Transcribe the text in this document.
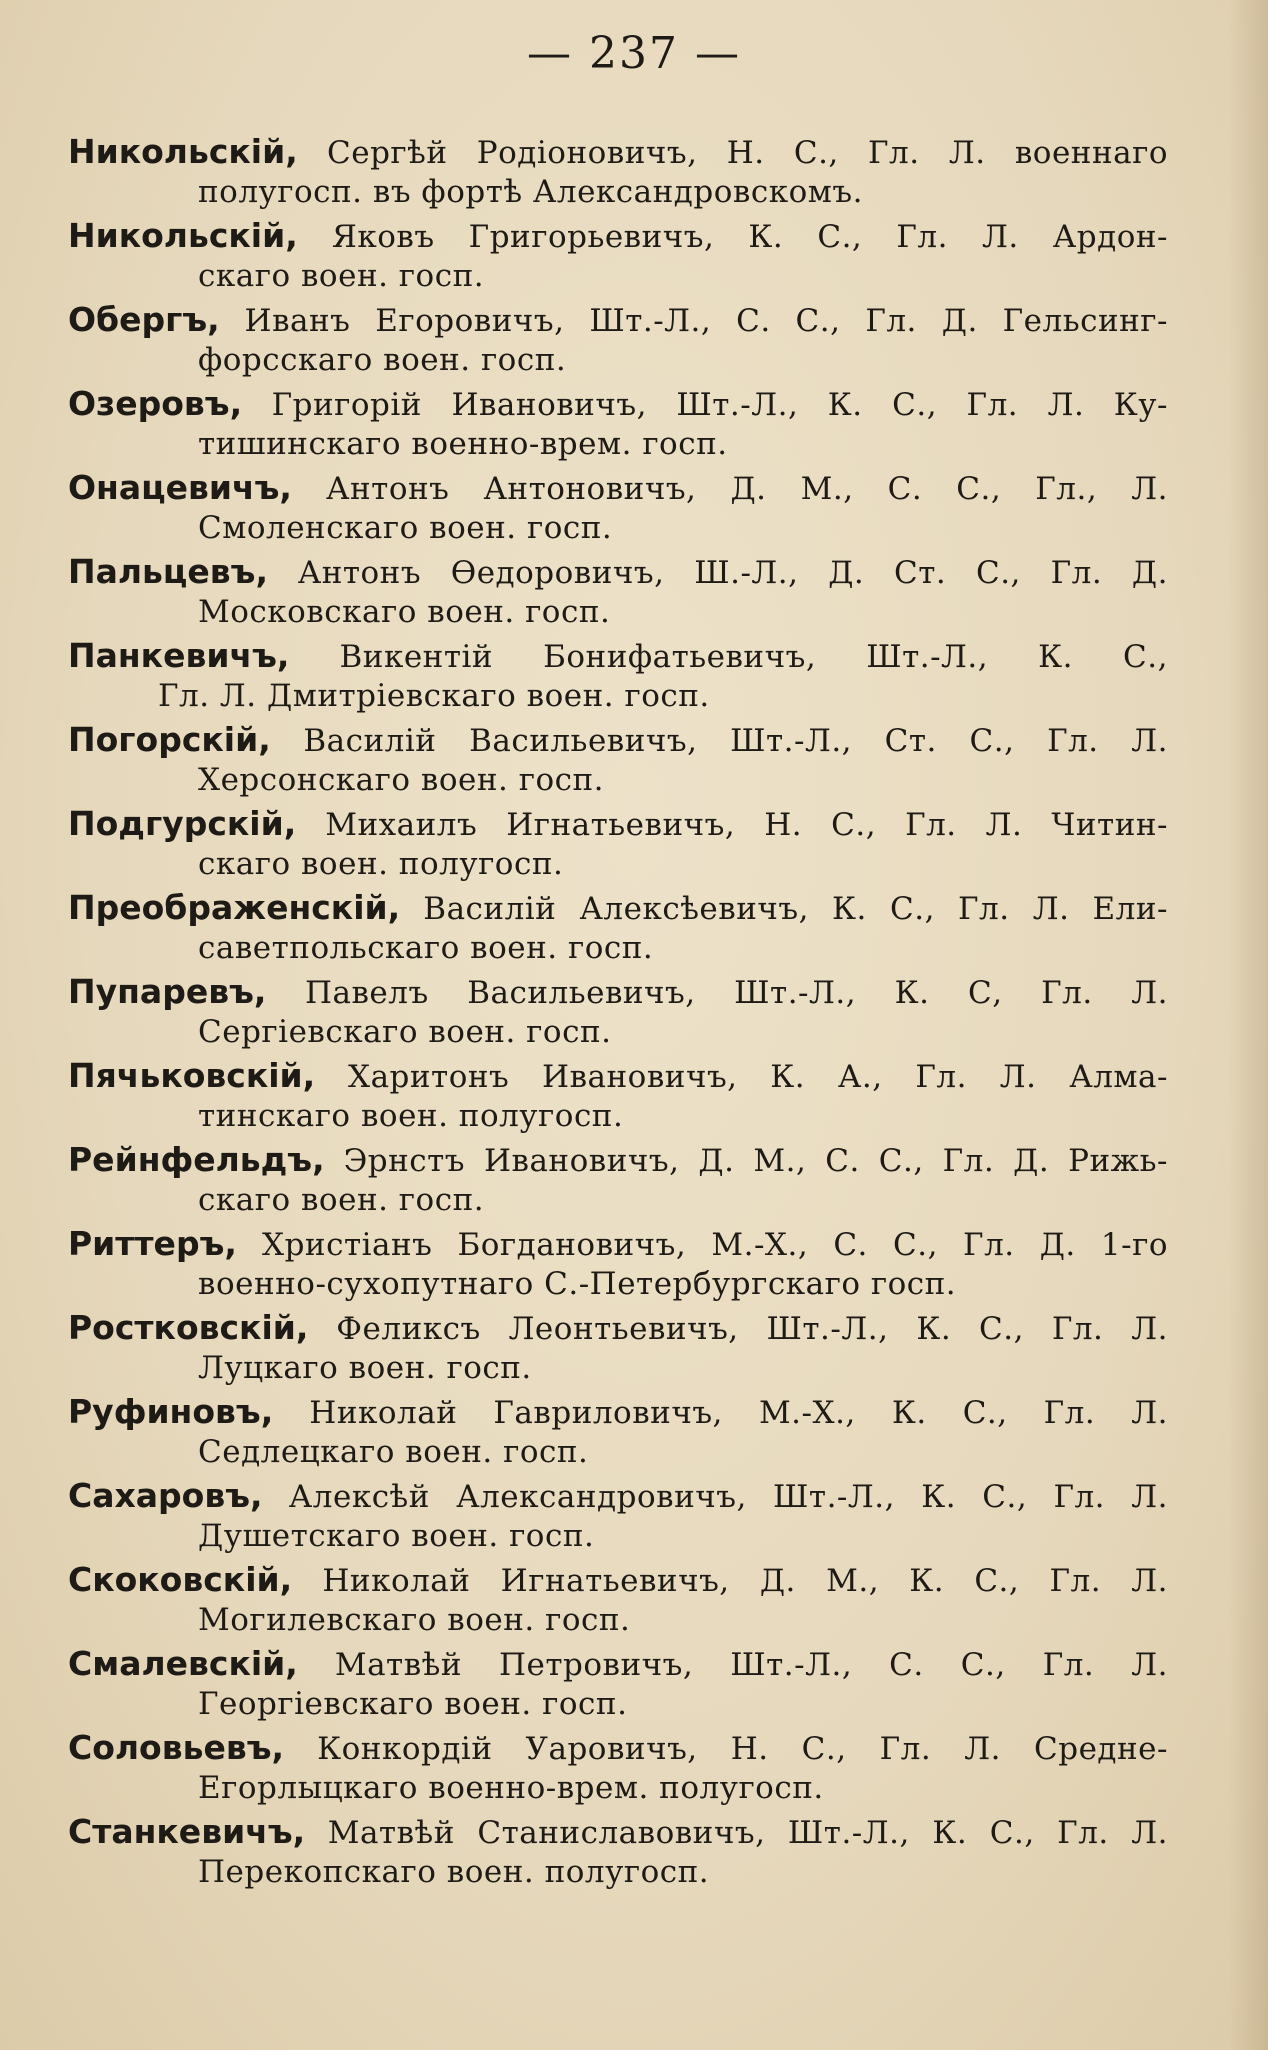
— 237 —
Никольскій, Сергѣй Родіоновичъ, Н. С., Гл. Л. военнаго
полугосп. въ фортѣ Александровскомъ.
Никольскій, Яковъ Григорьевичъ, К. С., Гл. Л. Ардон-
скаго воен. госп.
Обергъ, Иванъ Егоровичъ, Шт.-Л., С. С., Гл. Д. Гельсинг-
форсскаго воен. госп.
Озеровъ, Григорій Ивановичъ, Шт.-Л., К. С., Гл. Л. Ку-
тишинскаго военно-врем. госп.
Онацевичъ, Антонъ Антоновичъ, Д. М., С. С., Гл., Л.
Смоленскаго воен. госп.
Пальцевъ, Антонъ Өедоровичъ, Ш.-Л., Д. Ст. С., Гл. Д.
Московскаго воен. госп.
Панкевичъ, Викентій Бонифатьевичъ, Шт.-Л., К. С.,
Гл. Л. Дмитріевскаго воен. госп.
Погорскій, Василій Васильевичъ, Шт.-Л., Ст. С., Гл. Л.
Херсонскаго воен. госп.
Подгурскій, Михаилъ Игнатьевичъ, Н. С., Гл. Л. Читин-
скаго воен. полугосп.
Преображенскій, Василій Алексѣевичъ, К. С., Гл. Л. Ели-
саветпольскаго воен. госп.
Пупаревъ, Павелъ Васильевичъ, Шт.-Л., К. С, Гл. Л.
Сергіевскаго воен. госп.
Пячьковскій, Харитонъ Ивановичъ, К. А., Гл. Л. Алма-
тинскаго воен. полугосп.
Рейнфельдъ, Эрнстъ Ивановичъ, Д. М., С. С., Гл. Д. Рижь-
скаго воен. госп.
Риттеръ, Христіанъ Богдановичъ, М.-Х., С. С., Гл. Д. 1-го
военно-сухопутнаго С.-Петербургскаго госп.
Ростковскій, Феликсъ Леонтьевичъ, Шт.-Л., К. С., Гл. Л.
Луцкаго воен. госп.
Руфиновъ, Николай Гавриловичъ, М.-Х., К. С., Гл. Л.
Седлецкаго воен. госп.
Сахаровъ, Алексѣй Александровичъ, Шт.-Л., К. С., Гл. Л.
Душетскаго воен. госп.
Скоковскій, Николай Игнатьевичъ, Д. М., К. С., Гл. Л.
Могилевскаго воен. госп.
Смалевскій, Матвѣй Петровичъ, Шт.-Л., С. С., Гл. Л.
Георгіевскаго воен. госп.
Соловьевъ, Конкордій Уаровичъ, Н. С., Гл. Л. Средне-
Егорлыцкаго военно-врем. полугосп.
Станкевичъ, Матвѣй Станиславовичъ, Шт.-Л., К. С., Гл. Л.
Перекопскаго воен. полугосп.
